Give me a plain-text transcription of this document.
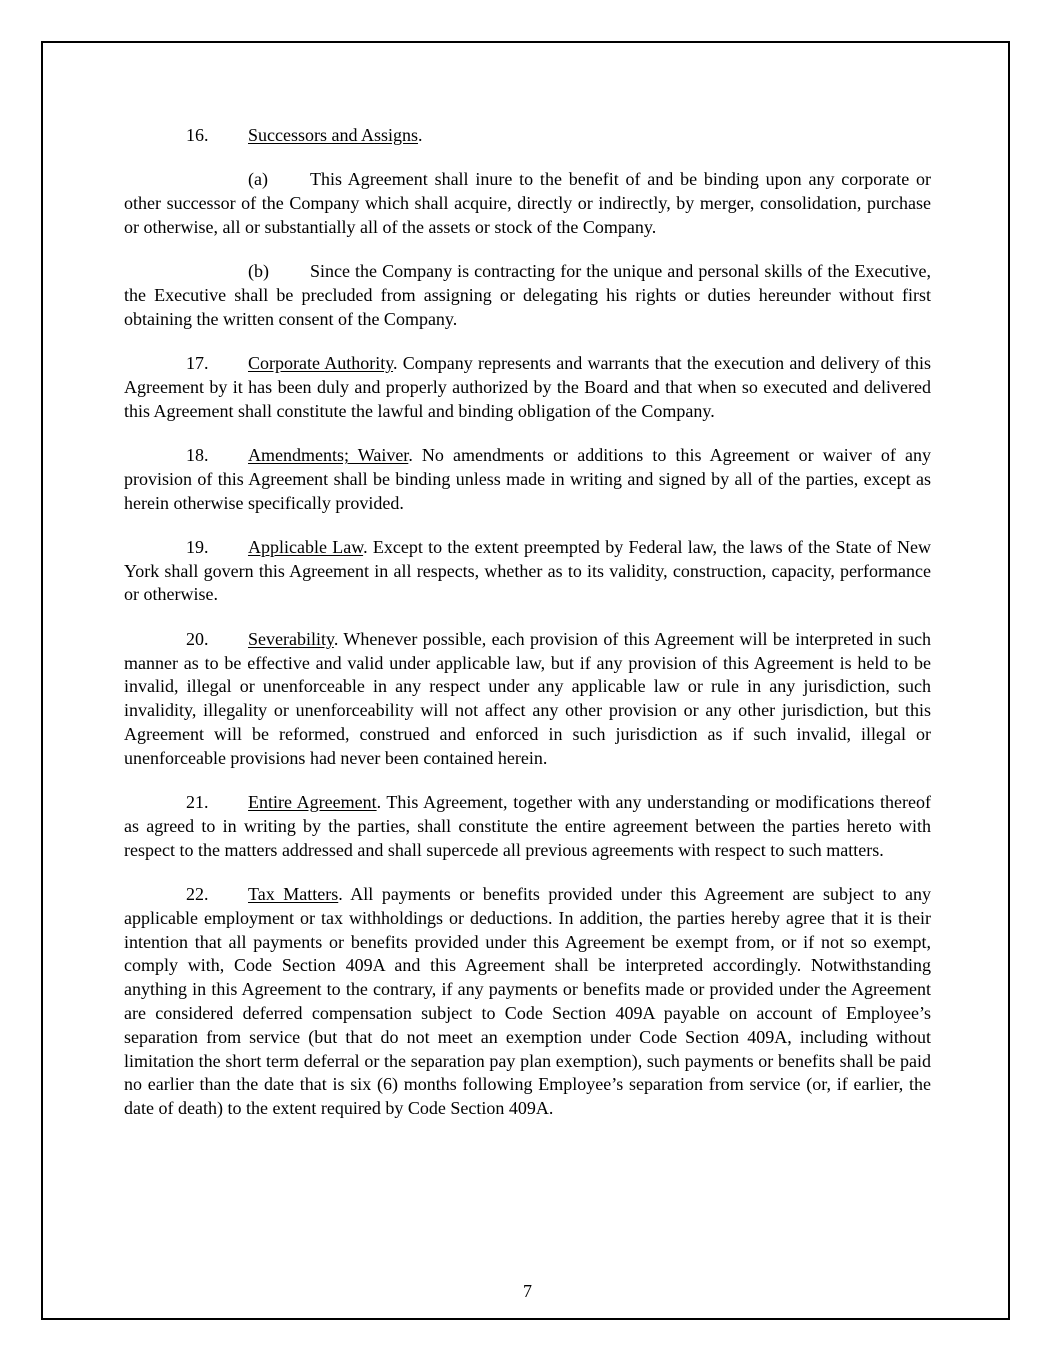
16. Successors and Assigns.

(a) This Agreement shall inure to the benefit of and be binding upon any corporate or other successor of the Company which shall acquire, directly or indirectly, by merger, consolidation, purchase or otherwise, all or substantially all of the assets or stock of the Company.

(b) Since the Company is contracting for the unique and personal skills of the Executive, the Executive shall be precluded from assigning or delegating his rights or duties hereunder without first obtaining the written consent of the Company.

17. Corporate Authority. Company represents and warrants that the execution and delivery of this Agreement by it has been duly and properly authorized by the Board and that when so executed and delivered this Agreement shall constitute the lawful and binding obligation of the Company.

18. Amendments; Waiver. No amendments or additions to this Agreement or waiver of any provision of this Agreement shall be binding unless made in writing and signed by all of the parties, except as herein otherwise specifically provided.

19. Applicable Law. Except to the extent preempted by Federal law, the laws of the State of New York shall govern this Agreement in all respects, whether as to its validity, construction, capacity, performance or otherwise.

20. Severability. Whenever possible, each provision of this Agreement will be interpreted in such manner as to be effective and valid under applicable law, but if any provision of this Agreement is held to be invalid, illegal or unenforceable in any respect under any applicable law or rule in any jurisdiction, such invalidity, illegality or unenforceability will not affect any other provision or any other jurisdiction, but this Agreement will be reformed, construed and enforced in such jurisdiction as if such invalid, illegal or unenforceable provisions had never been contained herein.

21. Entire Agreement. This Agreement, together with any understanding or modifications thereof as agreed to in writing by the parties, shall constitute the entire agreement between the parties hereto with respect to the matters addressed and shall supercede all previous agreements with respect to such matters.

22. Tax Matters. All payments or benefits provided under this Agreement are subject to any applicable employment or tax withholdings or deductions. In addition, the parties hereby agree that it is their intention that all payments or benefits provided under this Agreement be exempt from, or if not so exempt, comply with, Code Section 409A and this Agreement shall be interpreted accordingly. Notwithstanding anything in this Agreement to the contrary, if any payments or benefits made or provided under the Agreement are considered deferred compensation subject to Code Section 409A payable on account of Employee’s separation from service (but that do not meet an exemption under Code Section 409A, including without limitation the short term deferral or the separation pay plan exemption), such payments or benefits shall be paid no earlier than the date that is six (6) months following Employee’s separation from service (or, if earlier, the date of death) to the extent required by Code Section 409A.

7
